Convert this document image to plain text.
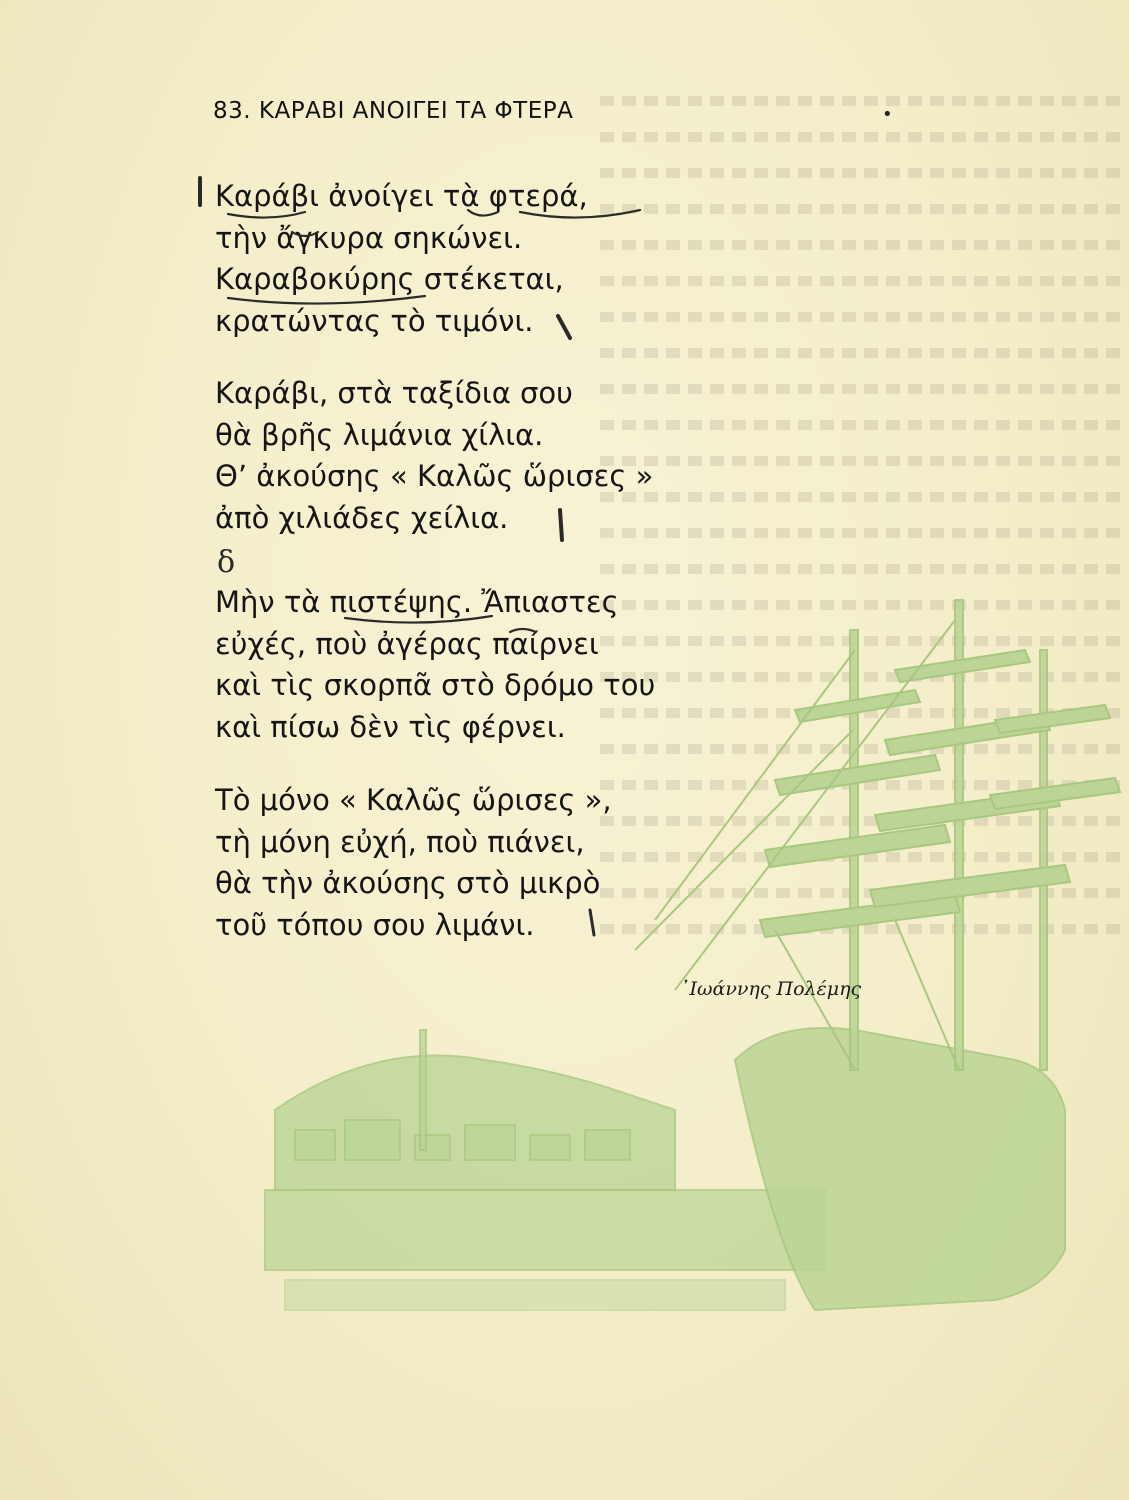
83. ΚΑΡΑΒΙ ΑΝΟΙΓΕΙ ΤΑ ΦΤΕΡΑ	•
Καράβι ἀνοίγει τὰ φτερά,
τὴν ἄγκυρα σηκώνει.
Καραβοκύρης στέκεται,
κρατώντας τὸ τιμόνι.
Καράβι, στὰ ταξίδια σου
θὰ βρῆς λιμάνια χίλια.
Θ’ ἀκούσης « Καλῶς ὥρισες »
ἀπὸ χιλιάδες χείλια.
Μὴν τὰ πιστέψης. Ἄπιαστες
εὐχές, ποὺ ἀγέρας παίρνει
καὶ τὶς σκορπᾶ στὸ δρόμο του
καὶ πίσω δὲν τὶς φέρνει.
Τὸ μόνο « Καλῶς ὥρισες »,
τὴ μόνη εὐχή, ποὺ πιάνει,
θὰ τὴν ἀκούσης στὸ μικρὸ
τοῦ τόπου σου λιμάνι.
᾿Ιωάννης Πολέμης
δ
